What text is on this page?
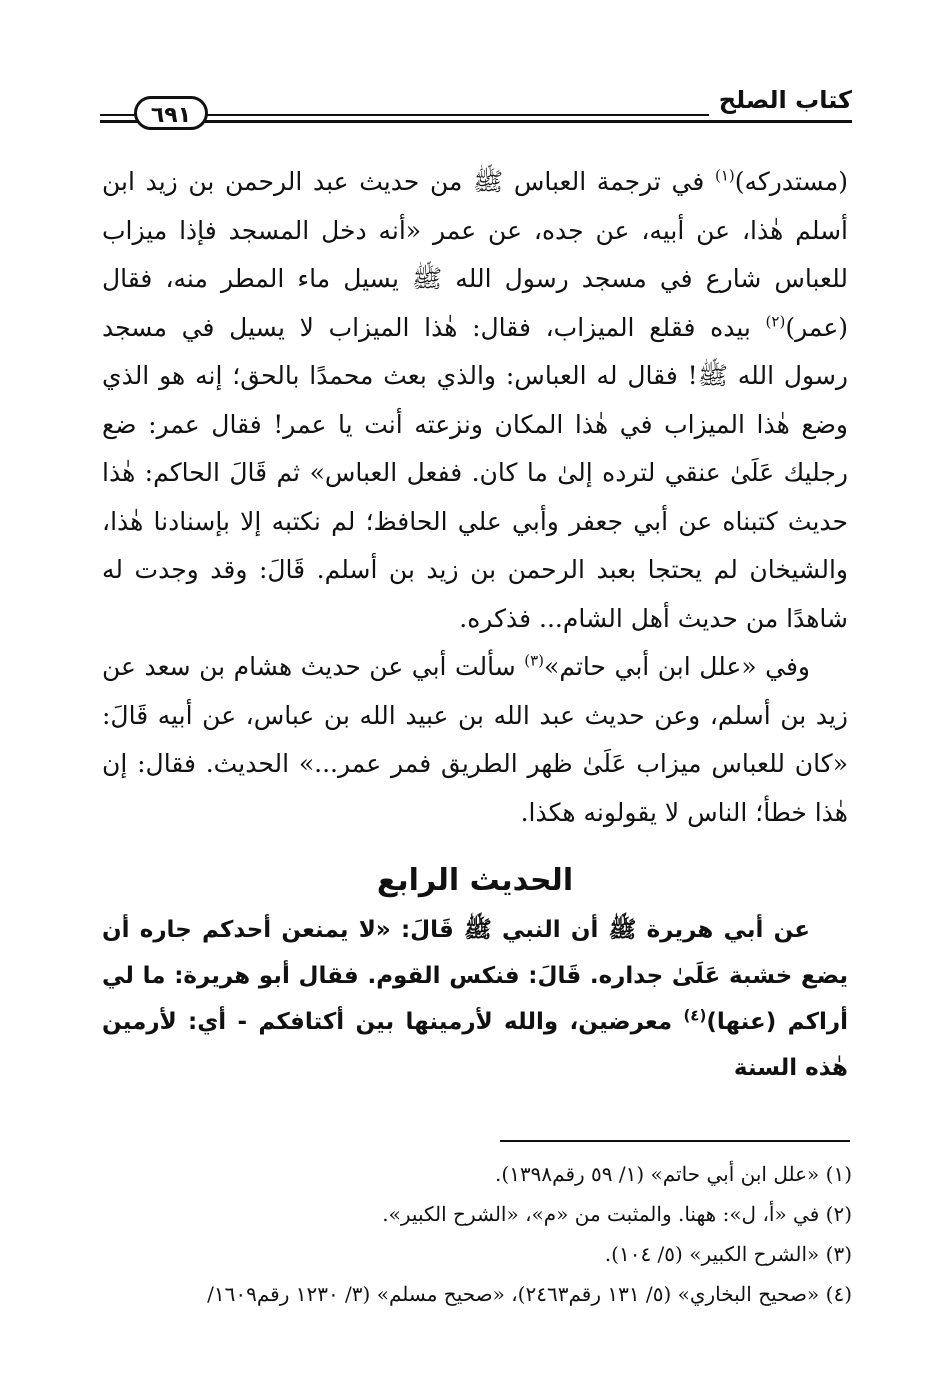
كتاب الصلح
٦٩١

(مستدركه)$^{(١)}$ في ترجمة العباس ﷺ من حديث عبد الرحمن بن زيد ابن أسلم هٰذا، عن أبيه، عن جده، عن عمر «أنه دخل المسجد فإذا ميزاب للعباس شارع في مسجد رسول الله ﷺ يسيل ماء المطر منه، فقال (عمر)$^{(٢)}$ بيده فقلع الميزاب، فقال: هٰذا الميزاب لا يسيل في مسجد رسول الله ﷺ! فقال له العباس: والذي بعث محمدًا بالحق؛ إنه هو الذي وضع هٰذا الميزاب في هٰذا المكان ونزعته أنت يا عمر! فقال عمر: ضع رجليك عَلَىٰ عنقي لترده إلىٰ ما كان. ففعل العباس» ثم قَالَ الحاكم: هٰذا حديث كتبناه عن أبي جعفر وأبي علي الحافظ؛ لم نكتبه إلا بإسنادنا هٰذا، والشيخان لم يحتجا بعبد الرحمن بن زيد بن أسلم. قَالَ: وقد وجدت له شاهدًا من حديث أهل الشام... فذكره.

وفي «علل ابن أبي حاتم»$^{(٣)}$ سألت أبي عن حديث هشام بن سعد عن زيد بن أسلم، وعن حديث عبد الله بن عبيد الله بن عباس، عن أبيه قَالَ: «كان للعباس ميزاب عَلَىٰ ظهر الطريق فمر عمر...» الحديث. فقال: إن هٰذا خطأ؛ الناس لا يقولونه هكذا.

الحديث الرابع

عن أبي هريرة ﷺ أن النبي ﷺ قَالَ: «لا يمنعن أحدكم جاره أن يضع خشبة عَلَىٰ جداره. قَالَ: فنكس القوم. فقال أبو هريرة: ما لي أراكم (عنها)$^{(٤)}$ معرضين، والله لأرمينها بين أكتافكم - أي: لأرمين هٰذه السنة

(١) «علل ابن أبي حاتم» (١/ ٥٩ رقم١٣٩٨).
(٢) في «أ، ل»: ههنا. والمثبت من «م»، «الشرح الكبير».
(٣) «الشرح الكبير» (٥/ ١٠٤).
(٤) «صحيح البخاري» (٥/ ١٣١ رقم٢٤٦٣)، «صحيح مسلم» (٣/ ١٢٣٠ رقم١٦٠٩/
